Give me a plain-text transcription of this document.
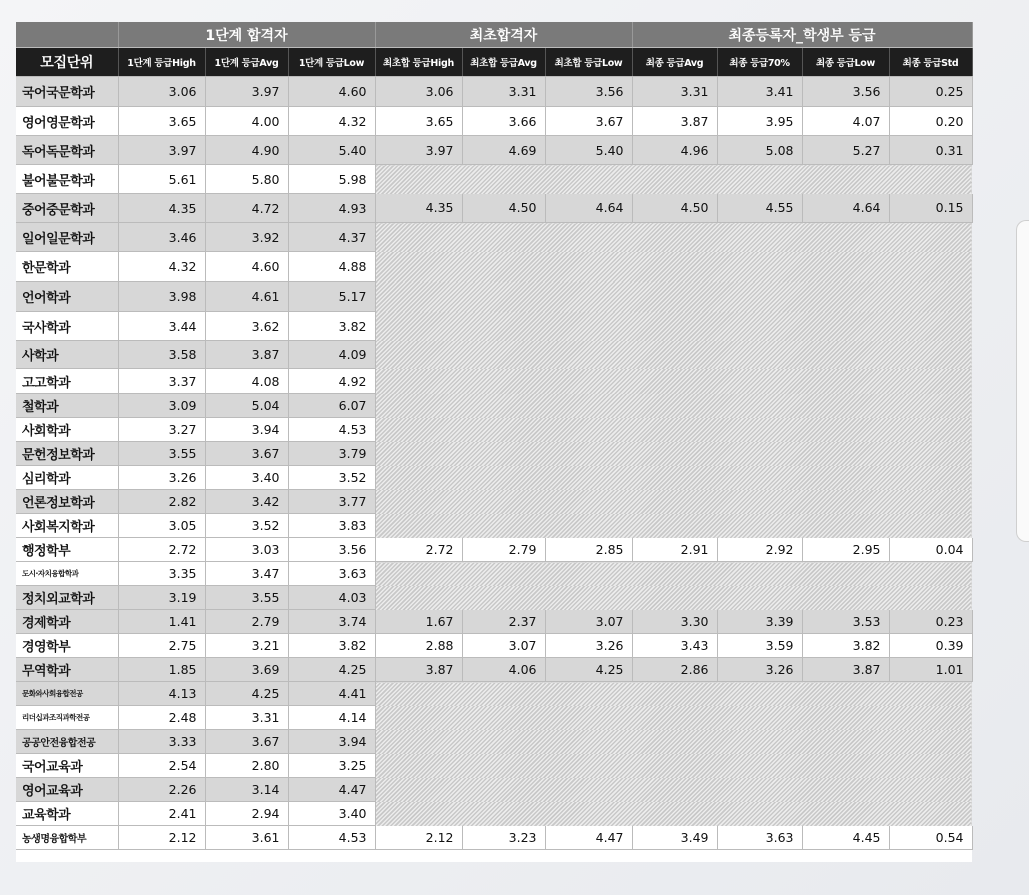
	1단계 합격자			최초합격자			최종등록자_학생부 등급			
모집단위	1단계 등급High	1단계 등급Avg	1단계 등급Low	최초합 등급High	최초합 등급Avg	최초합 등급Low	최종 등급Avg	최종 등급70%	최종 등급Low	최종 등급Std
국어국문학과	3.06	3.97	4.60	3.06	3.31	3.56	3.31	3.41	3.56	0.25
영어영문학과	3.65	4.00	4.32	3.65	3.66	3.67	3.87	3.95	4.07	0.20
독어독문학과	3.97	4.90	5.40	3.97	4.69	5.40	4.96	5.08	5.27	0.31
불어불문학과	5.61	5.80	5.98							
중어중문학과	4.35	4.72	4.93	4.35	4.50	4.64	4.50	4.55	4.64	0.15
일어일문학과	3.46	3.92	4.37							
한문학과	4.32	4.60	4.88							
언어학과	3.98	4.61	5.17							
국사학과	3.44	3.62	3.82							
사학과	3.58	3.87	4.09							
고고학과	3.37	4.08	4.92							
철학과	3.09	5.04	6.07							
사회학과	3.27	3.94	4.53							
문헌정보학과	3.55	3.67	3.79							
심리학과	3.26	3.40	3.52							
언론정보학과	2.82	3.42	3.77							
사회복지학과	3.05	3.52	3.83							
행정학부	2.72	3.03	3.56	2.72	2.79	2.85	2.91	2.92	2.95	0.04
도시·자치융합학과	3.35	3.47	3.63							
정치외교학과	3.19	3.55	4.03							
경제학과	1.41	2.79	3.74	1.67	2.37	3.07	3.30	3.39	3.53	0.23
경영학부	2.75	3.21	3.82	2.88	3.07	3.26	3.43	3.59	3.82	0.39
무역학과	1.85	3.69	4.25	3.87	4.06	4.25	2.86	3.26	3.87	1.01
문화와사회융합전공	4.13	4.25	4.41							
리더십과조직과학전공	2.48	3.31	4.14							
공공안전융합전공	3.33	3.67	3.94							
국어교육과	2.54	2.80	3.25							
영어교육과	2.26	3.14	4.47							
교육학과	2.41	2.94	3.40							
농생명융합학부	2.12	3.61	4.53	2.12	3.23	4.47	3.49	3.63	4.45	0.54
